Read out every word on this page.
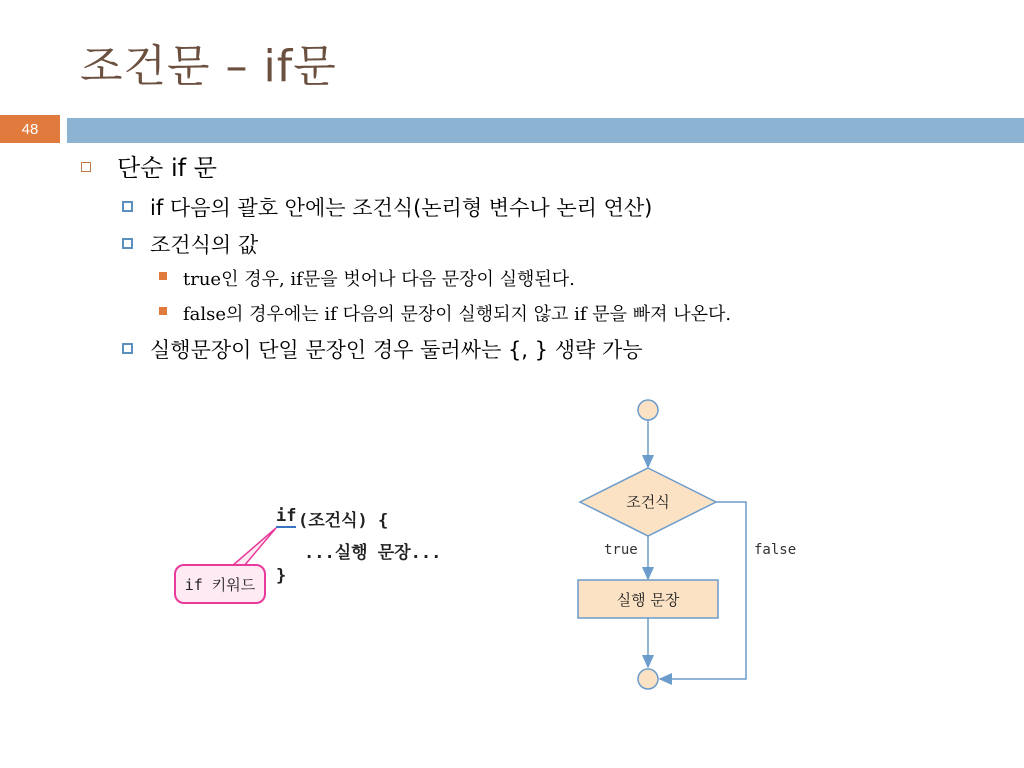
조건문 – if문
48
단순 if 문
if 다음의 괄호 안에는 조건식(논리형 변수나 논리 연산)
조건식의 값
true인 경우, if문을 벗어나 다음 문장이 실행된다.
false의 경우에는 if 다음의 문장이 실행되지 않고 if 문을 빠져 나온다.
실행문장이 단일 문장인 경우 둘러싸는 {, } 생략 가능
if (조건식) {
...실행 문장...
}
if 키워드
조건식
true
실행 문장
false
